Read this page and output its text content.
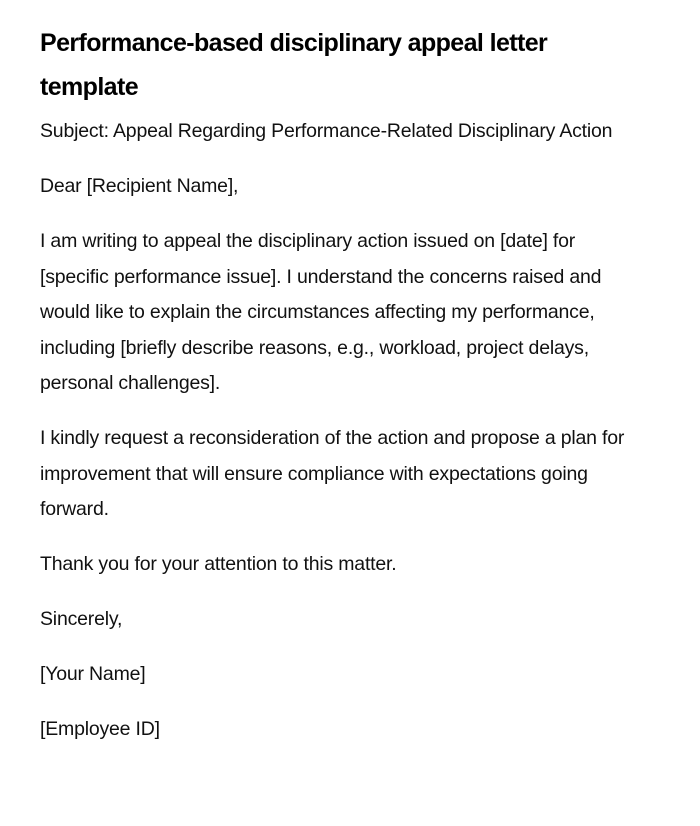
Performance-based disciplinary appeal letter template

Subject: Appeal Regarding Performance-Related Disciplinary Action

Dear [Recipient Name],

I am writing to appeal the disciplinary action issued on [date] for [specific performance issue]. I understand the concerns raised and would like to explain the circumstances affecting my performance, including [briefly describe reasons, e.g., workload, project delays, personal challenges].

I kindly request a reconsideration of the action and propose a plan for improvement that will ensure compliance with expectations going forward.

Thank you for your attention to this matter.

Sincerely,

[Your Name]

[Employee ID]
